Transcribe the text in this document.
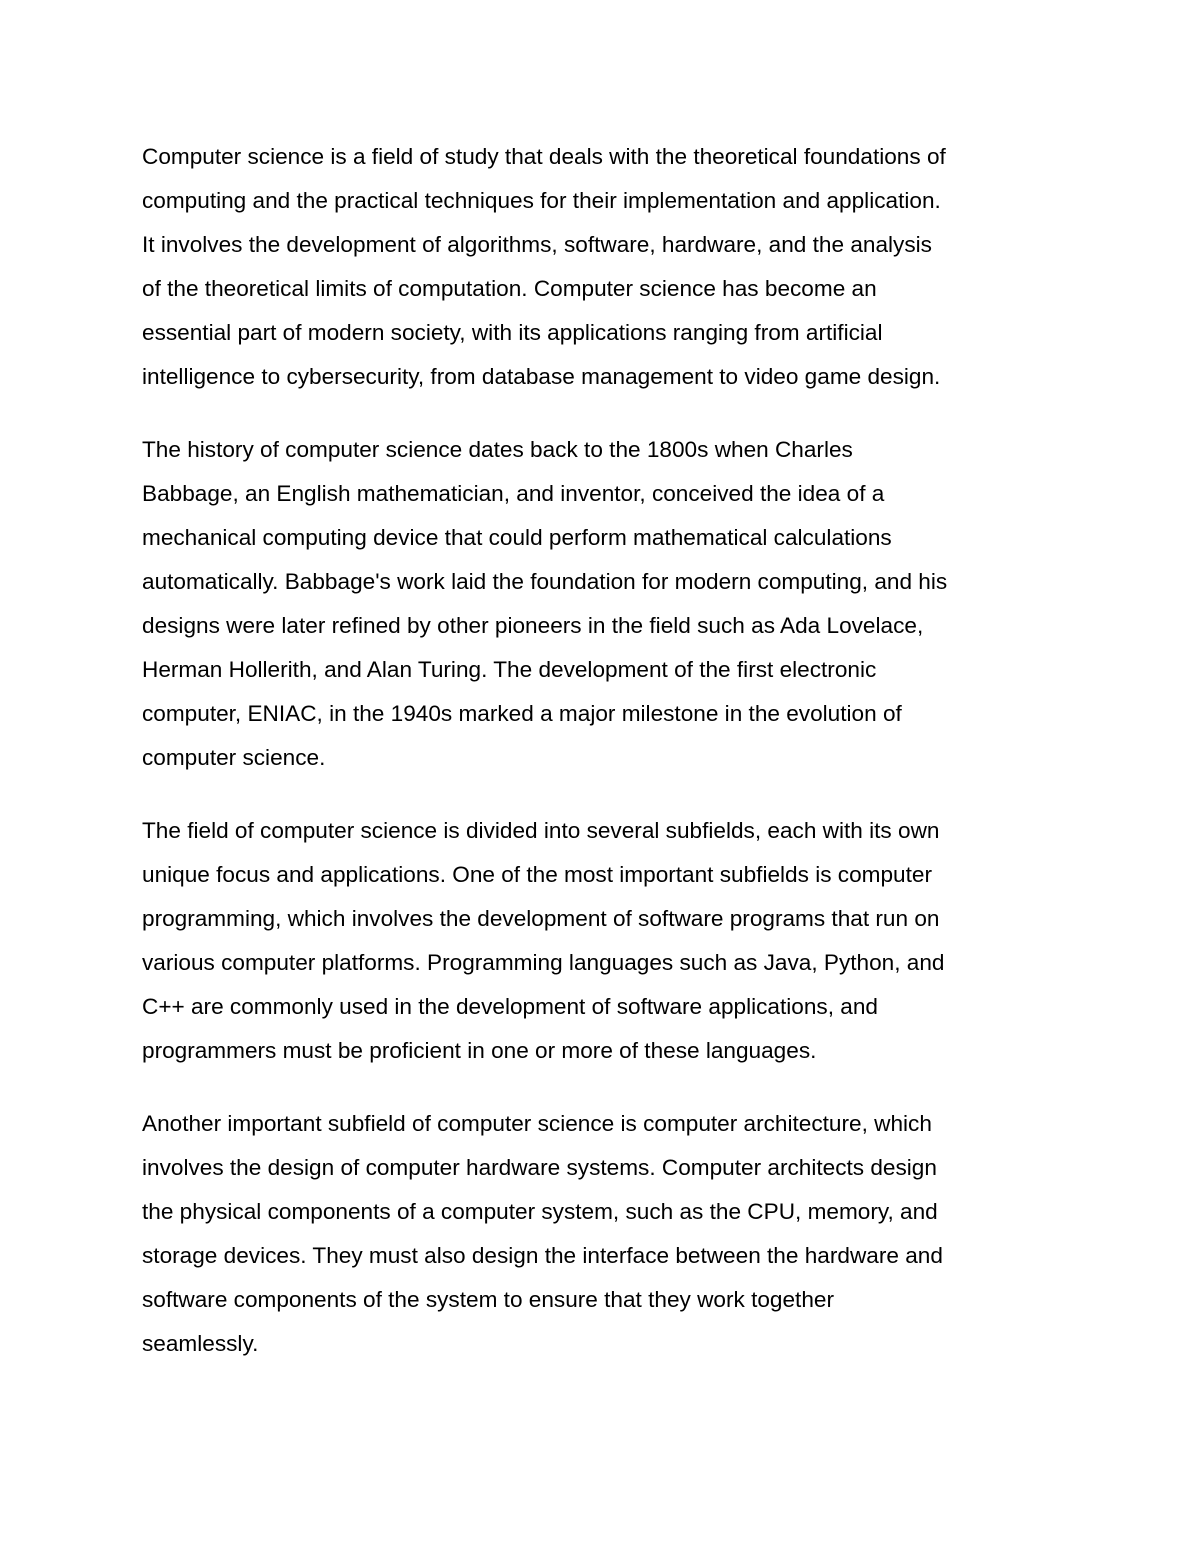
Computer science is a field of study that deals with the theoretical foundations of
computing and the practical techniques for their implementation and application.
It involves the development of algorithms, software, hardware, and the analysis
of the theoretical limits of computation. Computer science has become an
essential part of modern society, with its applications ranging from artificial
intelligence to cybersecurity, from database management to video game design.
The history of computer science dates back to the 1800s when Charles
Babbage, an English mathematician, and inventor, conceived the idea of a
mechanical computing device that could perform mathematical calculations
automatically. Babbage's work laid the foundation for modern computing, and his
designs were later refined by other pioneers in the field such as Ada Lovelace,
Herman Hollerith, and Alan Turing. The development of the first electronic
computer, ENIAC, in the 1940s marked a major milestone in the evolution of
computer science.
The field of computer science is divided into several subfields, each with its own
unique focus and applications. One of the most important subfields is computer
programming, which involves the development of software programs that run on
various computer platforms. Programming languages such as Java, Python, and
C++ are commonly used in the development of software applications, and
programmers must be proficient in one or more of these languages.
Another important subfield of computer science is computer architecture, which
involves the design of computer hardware systems. Computer architects design
the physical components of a computer system, such as the CPU, memory, and
storage devices. They must also design the interface between the hardware and
software components of the system to ensure that they work together
seamlessly.
